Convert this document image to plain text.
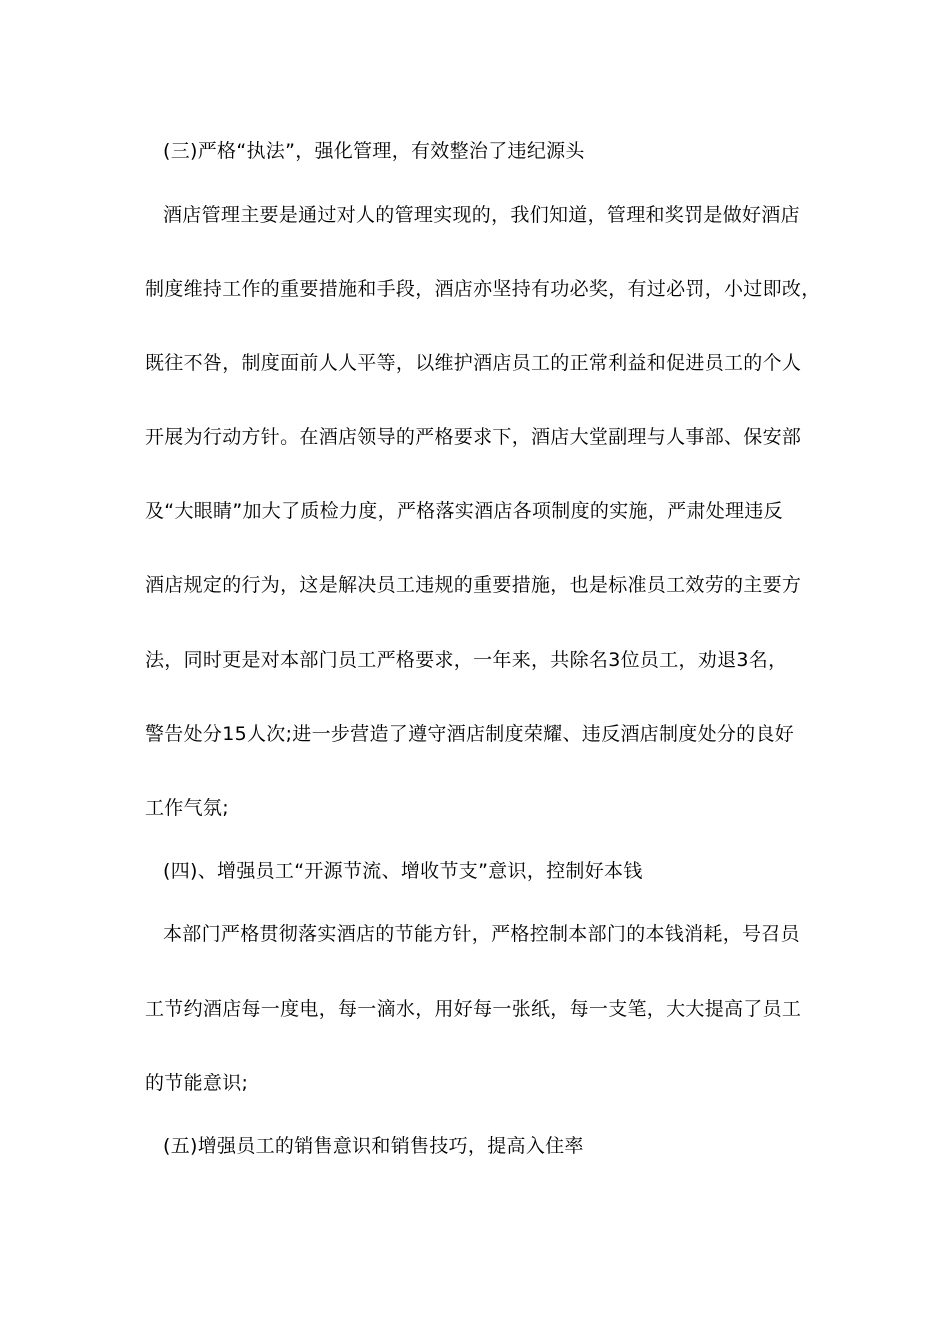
(三)严格“执法”，强化管理，有效整治了违纪源头
酒店管理主要是通过对人的管理实现的，我们知道，管理和奖罚是做好酒店
制度维持工作的重要措施和手段，酒店亦坚持有功必奖，有过必罚，小过即改，
既往不咎，制度面前人人平等，以维护酒店员工的正常利益和促进员工的个人
开展为行动方针。在酒店领导的严格要求下，酒店大堂副理与人事部、保安部
及“大眼睛”加大了质检力度，严格落实酒店各项制度的实施，严肃处理违反
酒店规定的行为，这是解决员工违规的重要措施，也是标准员工效劳的主要方
法，同时更是对本部门员工严格要求，一年来，共除名3位员工，劝退3名，
警告处分15人次;进一步营造了遵守酒店制度荣耀、违反酒店制度处分的良好
工作气氛;
(四)、增强员工“开源节流、增收节支”意识，控制好本钱
本部门严格贯彻落实酒店的节能方针，严格控制本部门的本钱消耗，号召员
工节约酒店每一度电，每一滴水，用好每一张纸，每一支笔，大大提高了员工
的节能意识;
(五)增强员工的销售意识和销售技巧，提高入住率
